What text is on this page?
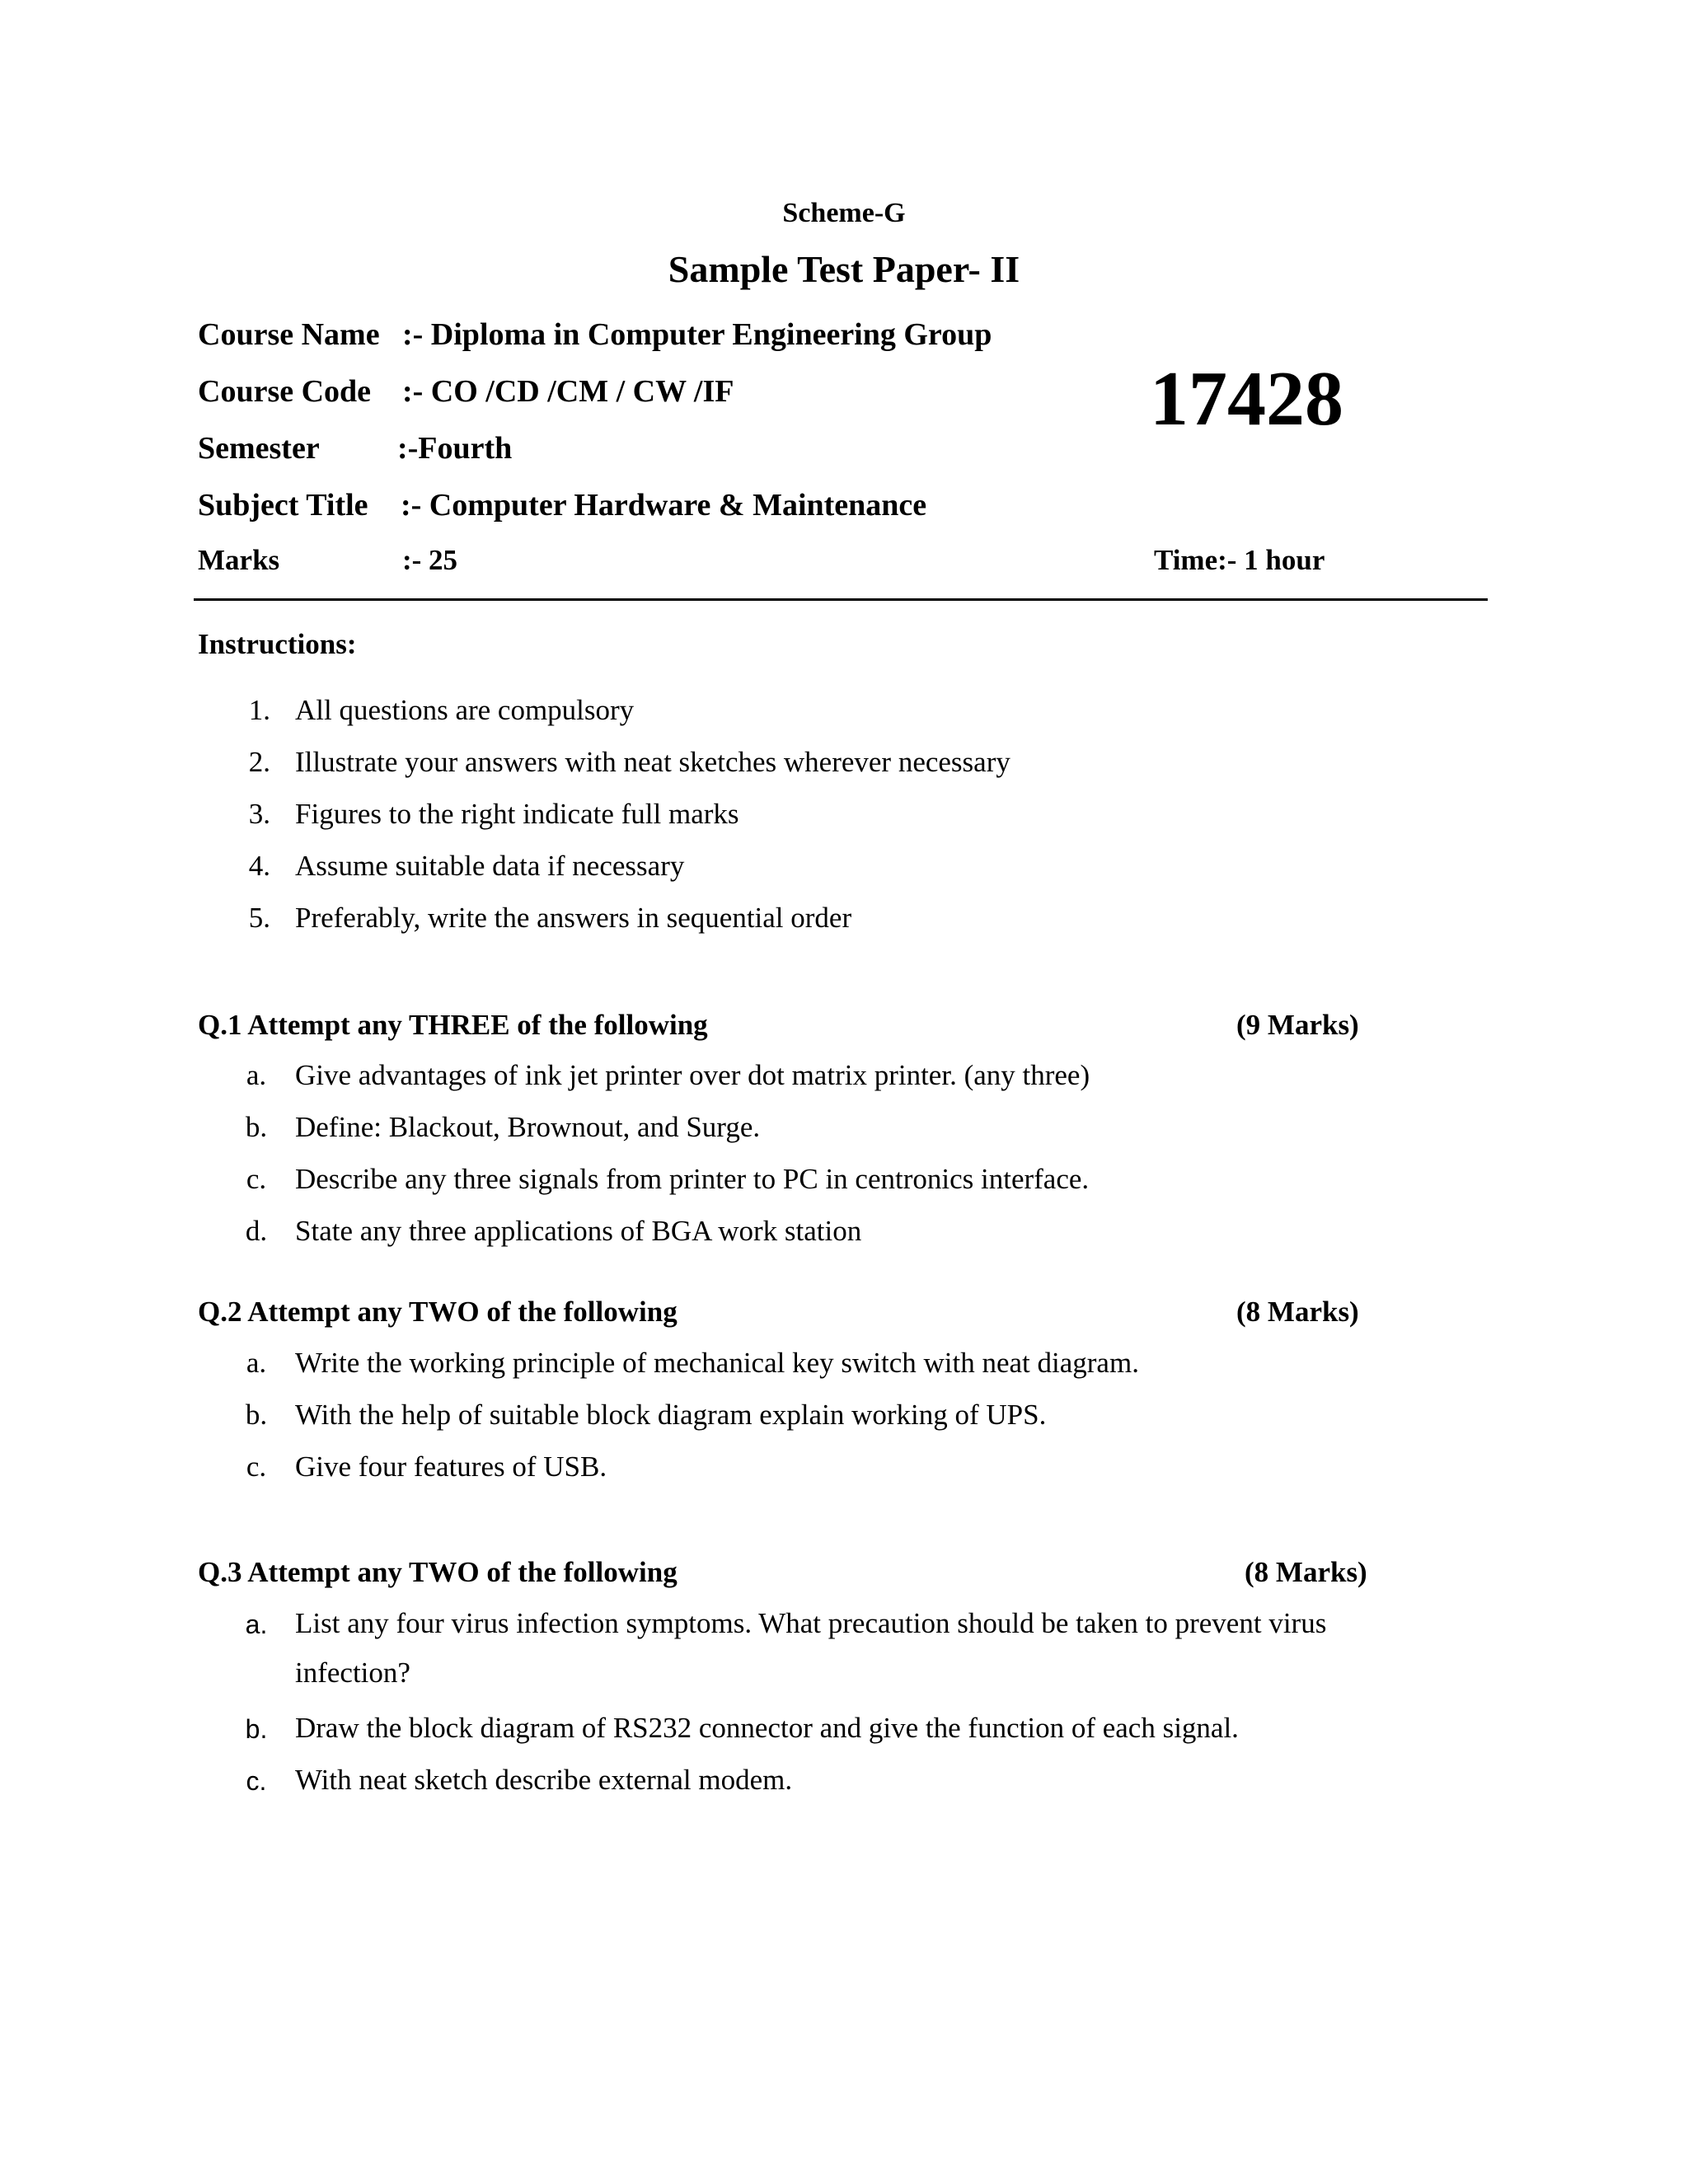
Scheme-G
Sample Test Paper- II
Course Name :- Diploma in Computer Engineering Group
Course Code :- CO /CD /CM / CW /IF
Semester :-Fourth
Subject Title :- Computer Hardware & Maintenance
Marks	:- 25	Time:- 1 hour
17428
Instructions:
1. All questions are compulsory
2. Illustrate your answers with neat sketches wherever necessary
3. Figures to the right indicate full marks
4. Assume suitable data if necessary
5. Preferably, write the answers in sequential order
Q.1 Attempt any THREE of the following	(9 Marks)
a. Give advantages of ink jet printer over dot matrix printer. (any three)
b. Define: Blackout, Brownout, and Surge.
c. Describe any three signals from printer to PC in centronics interface.
d. State any three applications of BGA work station
Q.2 Attempt any TWO of the following	(8 Marks)
a. Write the working principle of mechanical key switch with neat diagram.
b. With the help of suitable block diagram explain working of UPS.
c. Give four features of USB.
Q.3 Attempt any TWO of the following	(8 Marks)
a. List any four virus infection symptoms. What precaution should be taken to prevent virus
infection?
b. Draw the block diagram of RS232 connector and give the function of each signal.
c. With neat sketch describe external modem.
